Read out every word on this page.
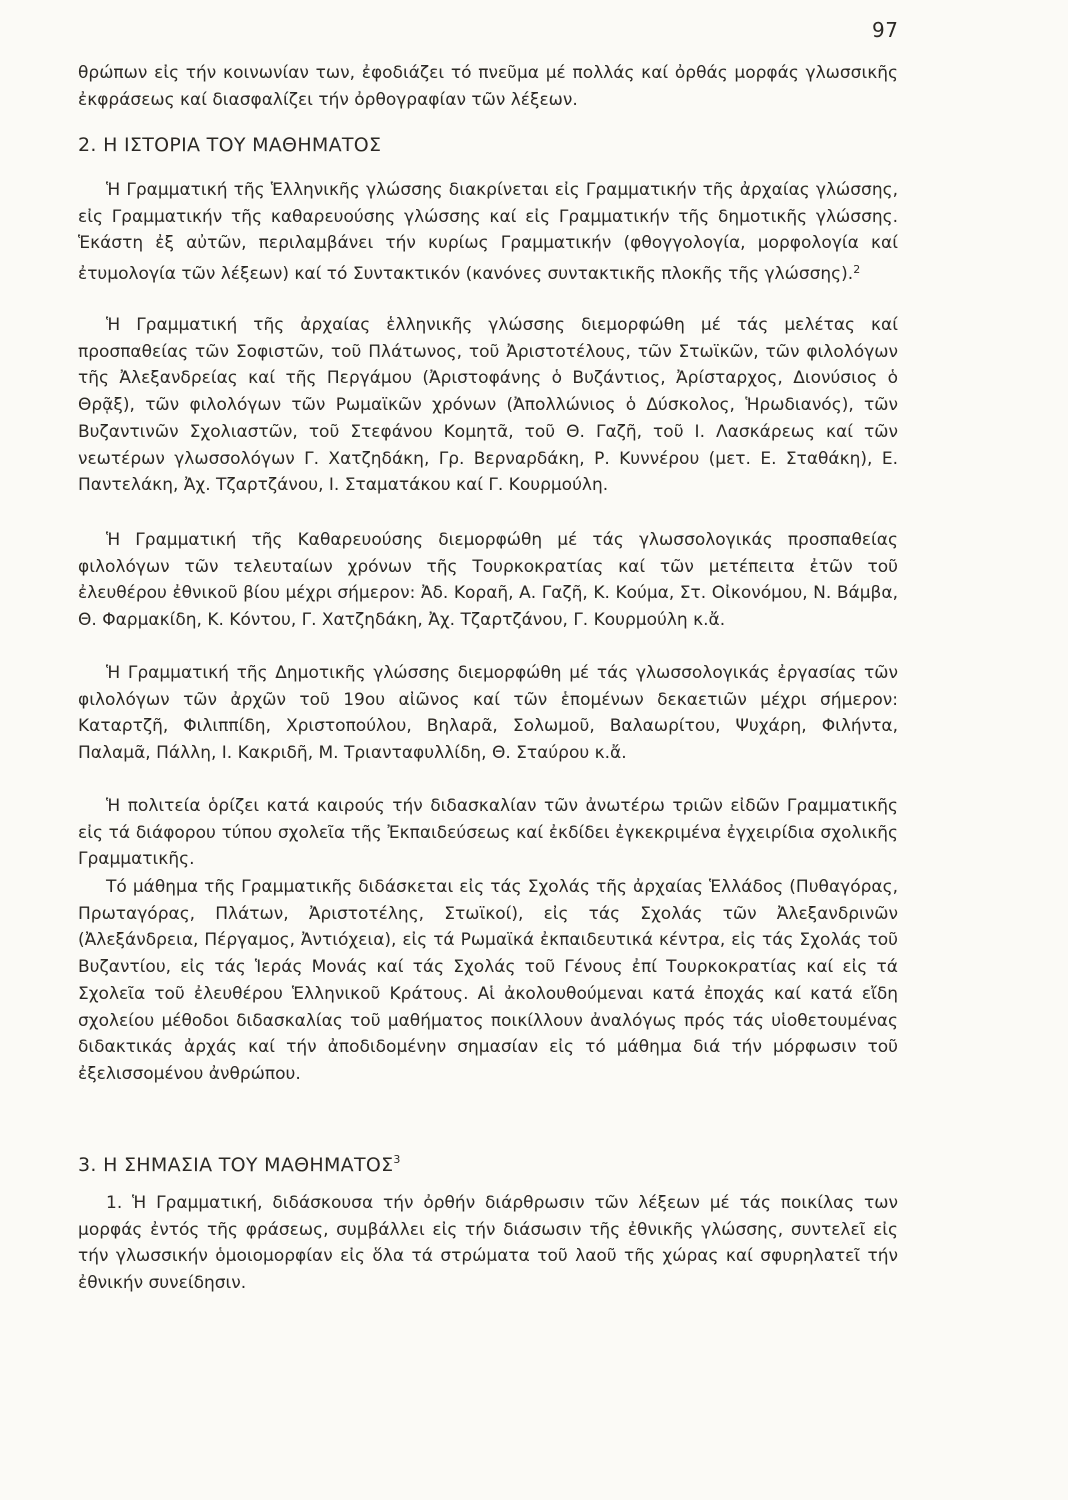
97

θρώπων εἰς τήν κοινωνίαν των, ἐφοδιάζει τό πνεῦμα μέ πολλάς καί ὀρθάς μορφάς γλωσσικῆς ἐκφράσεως καί διασφαλίζει τήν ὀρθογραφίαν τῶν λέξεων.

2. Η ΙΣΤΟΡΙΑ ΤΟΥ ΜΑΘΗΜΑΤΟΣ

Ἡ Γραμματική τῆς Ἑλληνικῆς γλώσσης διακρίνεται εἰς Γραμματικήν τῆς ἀρχαίας γλώσσης, εἰς Γραμματικήν τῆς καθαρευούσης γλώσσης καί εἰς Γραμματικήν τῆς δημοτικῆς γλώσσης. Ἑκάστη ἐξ αὐτῶν, περιλαμβάνει τήν κυρίως Γραμματικήν (φθογγολογία, μορφολογία καί ἐτυμολογία τῶν λέξεων) καί τό Συντακτικόν (κανόνες συντακτικῆς πλοκῆς τῆς γλώσσης).$^2$

Ἡ Γραμματική τῆς ἀρχαίας ἑλληνικῆς γλώσσης διεμορφώθη μέ τάς μελέτας καί προσπαθείας τῶν Σοφιστῶν, τοῦ Πλάτωνος, τοῦ Ἀριστοτέλους, τῶν Στωϊκῶν, τῶν φιλολόγων τῆς Ἀλεξανδρείας καί τῆς Περγάμου (Ἀριστοφάνης ὁ Βυζάντιος, Ἀρίσταρχος, Διονύσιος ὁ Θρᾷξ), τῶν φιλολόγων τῶν Ρωμαϊκῶν χρόνων (Ἀπολλώνιος ὁ Δύσκολος, Ἡρωδιανός), τῶν Βυζαντινῶν Σχολιαστῶν, τοῦ Στεφάνου Κομητᾶ, τοῦ Θ. Γαζῆ, τοῦ Ι. Λασκάρεως καί τῶν νεωτέρων γλωσσολόγων Γ. Χατζηδάκη, Γρ. Βερναρδάκη, Ρ. Κυννέρου (μετ. Ε. Σταθάκη), Ε. Παντελάκη, Ἀχ. Τζαρτζάνου, Ι. Σταματάκου καί Γ. Κουρμούλη.

Ἡ Γραμματική τῆς Καθαρευούσης διεμορφώθη μέ τάς γλωσσολογικάς προσπαθείας φιλολόγων τῶν τελευταίων χρόνων τῆς Τουρκοκρατίας καί τῶν μετέπειτα ἐτῶν τοῦ ἐλευθέρου ἐθνικοῦ βίου μέχρι σήμερον: Ἀδ. Κοραῆ, Α. Γαζῆ, Κ. Κούμα, Στ. Οἰκονόμου, Ν. Βάμβα, Θ. Φαρμακίδη, Κ. Κόντου, Γ. Χατζηδάκη, Ἀχ. Τζαρτζάνου, Γ. Κουρμούλη κ.ἄ.

Ἡ Γραμματική τῆς Δημοτικῆς γλώσσης διεμορφώθη μέ τάς γλωσσολογικάς ἐργασίας τῶν φιλολόγων τῶν ἀρχῶν τοῦ 19ου αἰῶνος καί τῶν ἑπομένων δεκαετιῶν μέχρι σήμερον: Καταρτζῆ, Φιλιππίδη, Χριστοπούλου, Βηλαρᾶ, Σολωμοῦ, Βαλαωρίτου, Ψυχάρη, Φιλήντα, Παλαμᾶ, Πάλλη, Ι. Κακριδῆ, Μ. Τριανταφυλλίδη, Θ. Σταύρου κ.ἄ.

Ἡ πολιτεία ὁρίζει κατά καιρούς τήν διδασκαλίαν τῶν ἀνωτέρω τριῶν εἰδῶν Γραμματικῆς εἰς τά διάφορου τύπου σχολεῖα τῆς Ἐκπαιδεύσεως καί ἐκδίδει ἐγκεκριμένα ἐγχειρίδια σχολικῆς Γραμματικῆς.

Τό μάθημα τῆς Γραμματικῆς διδάσκεται εἰς τάς Σχολάς τῆς ἀρχαίας Ἑλλάδος (Πυθαγόρας, Πρωταγόρας, Πλάτων, Ἀριστοτέλης, Στωϊκοί), εἰς τάς Σχολάς τῶν Ἀλεξανδρινῶν (Ἀλεξάνδρεια, Πέργαμος, Ἀντιόχεια), εἰς τά Ρωμαϊκά ἐκπαιδευτικά κέντρα, εἰς τάς Σχολάς τοῦ Βυζαντίου, εἰς τάς Ἱεράς Μονάς καί τάς Σχολάς τοῦ Γένους ἐπί Τουρκοκρατίας καί εἰς τά Σχολεῖα τοῦ ἐλευθέρου Ἑλληνικοῦ Κράτους. Αἱ ἀκολουθούμεναι κατά ἐποχάς καί κατά εἴδη σχολείου μέθοδοι διδασκαλίας τοῦ μαθήματος ποικίλλουν ἀναλόγως πρός τάς υἱοθετουμένας διδακτικάς ἀρχάς καί τήν ἀποδιδομένην σημασίαν εἰς τό μάθημα διά τήν μόρφωσιν τοῦ ἐξελισσομένου ἀνθρώπου.

3. Η ΣΗΜΑΣΙΑ ΤΟΥ ΜΑΘΗΜΑΤΟΣ$^3$

1. Ἡ Γραμματική, διδάσκουσα τήν ὀρθήν διάρθρωσιν τῶν λέξεων μέ τάς ποικίλας των μορφάς ἐντός τῆς φράσεως, συμβάλλει εἰς τήν διάσωσιν τῆς ἐθνικῆς γλώσσης, συντελεῖ εἰς τήν γλωσσικήν ὁμοιομορφίαν εἰς ὅλα τά στρώματα τοῦ λαοῦ τῆς χώρας καί σφυρηλατεῖ τήν ἐθνικήν συνείδησιν.
